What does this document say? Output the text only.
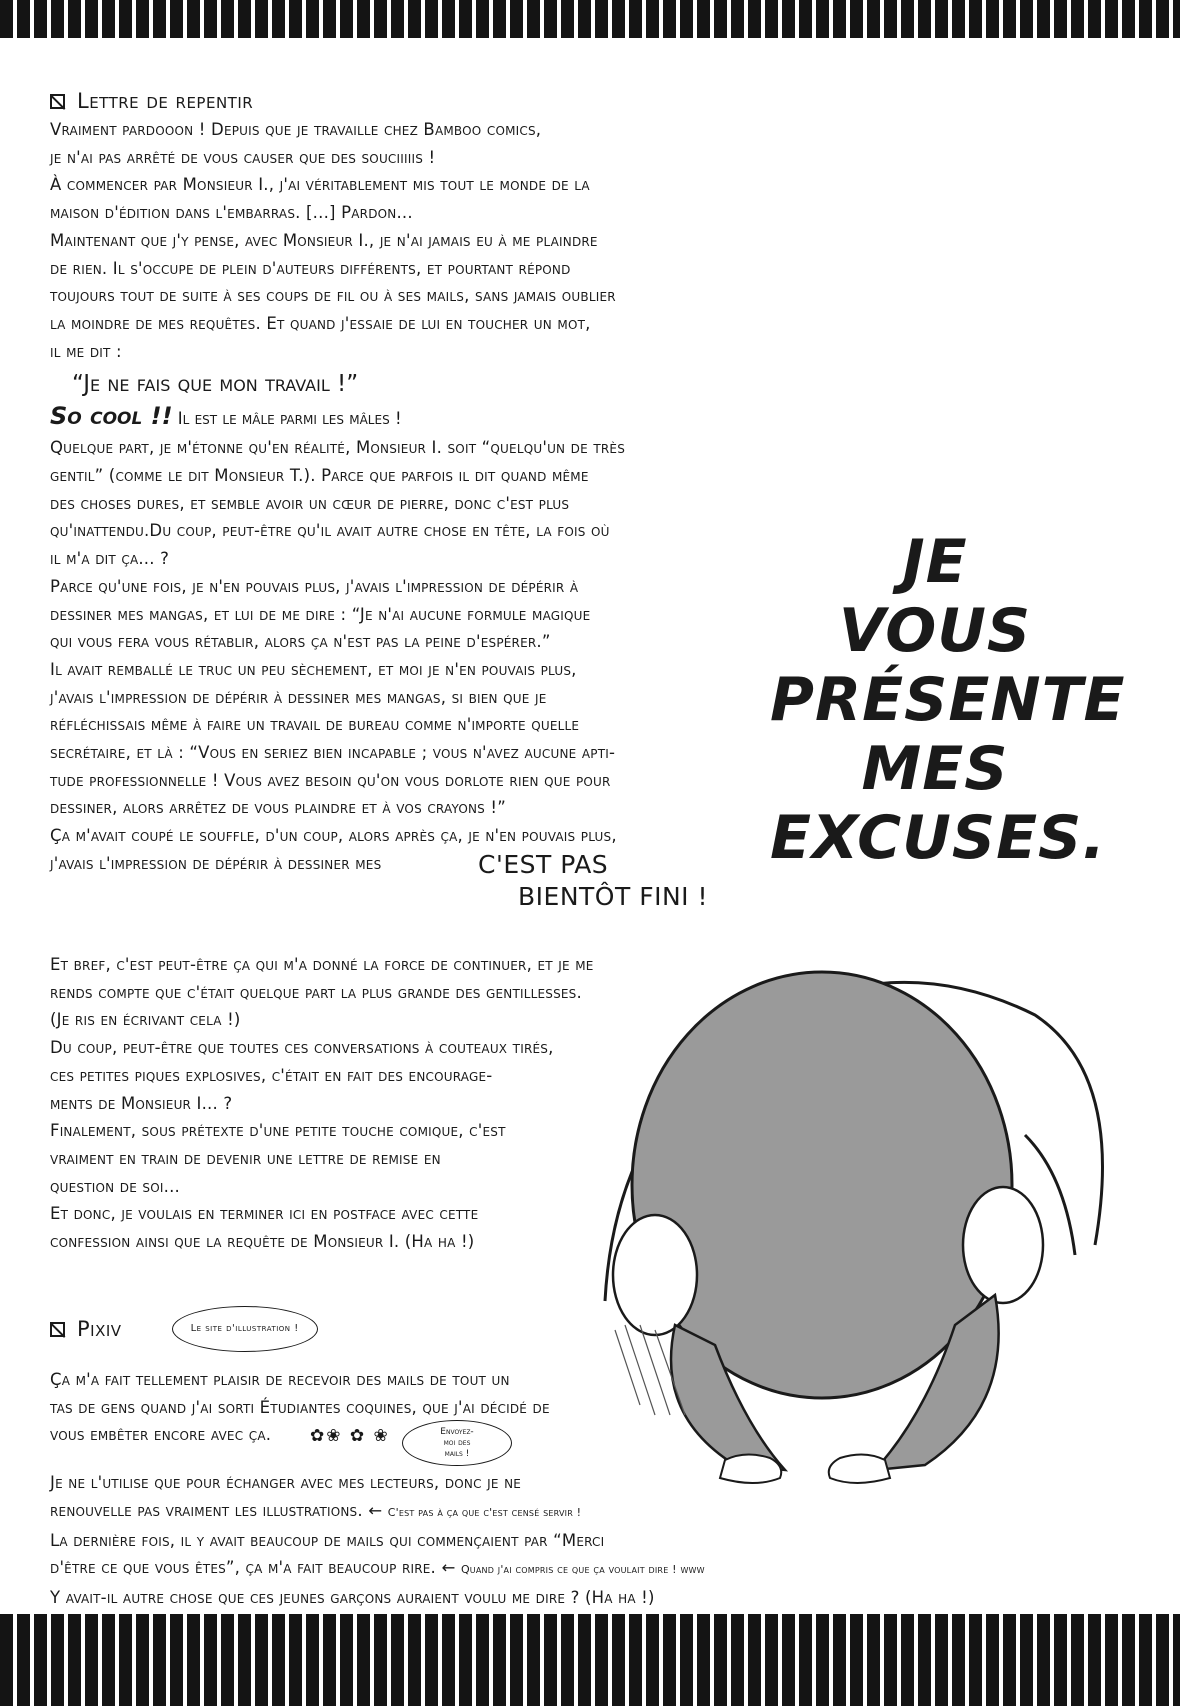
Lettre de repentir
Vraiment pardooon ! Depuis que je travaille chez Bamboo comics,
je n'ai pas arrêté de vous causer que des souciiiiis !
À commencer par Monsieur I., j'ai véritablement mis tout le monde de la
maison d'édition dans l'embarras. [...] Pardon...
Maintenant que j'y pense, avec Monsieur I., je n'ai jamais eu à me plaindre
de rien. Il s'occupe de plein d'auteurs différents, et pourtant répond
toujours tout de suite à ses coups de fil ou à ses mails, sans jamais oublier
la moindre de mes requêtes. Et quand j'essaie de lui en toucher un mot,
il me dit :
“Je ne fais que mon travail !”
So cool !! Il est le mâle parmi les mâles !
Quelque part, je m'étonne qu'en réalité, Monsieur I. soit “quelqu'un de très
gentil” (comme le dit Monsieur T.). Parce que parfois il dit quand même
des choses dures, et semble avoir un cœur de pierre, donc c'est plus
qu'inattendu.Du coup, peut-être qu'il avait autre chose en tête, la fois où
il m'a dit ça... ?
Parce qu'une fois, je n'en pouvais plus, j'avais l'impression de dépérir à
dessiner mes mangas, et lui de me dire : “Je n'ai aucune formule magique
qui vous fera vous rétablir, alors ça n'est pas la peine d'espérer.”
Il avait remballé le truc un peu sèchement, et moi je n'en pouvais plus,
j'avais l'impression de dépérir à dessiner mes mangas, si bien que je
réfléchissais même à faire un travail de bureau comme n'importe quelle
secrétaire, et là : “Vous en seriez bien incapable ; vous n'avez aucune apti-
tude professionnelle ! Vous avez besoin qu'on vous dorlote rien que pour
dessiner, alors arrêtez de vous plaindre et à vos crayons !”
Ça m'avait coupé le souffle, d'un coup, alors après ça, je n'en pouvais plus,
j'avais l'impression de dépérir à dessiner mes	C'EST PAS
BIENTÔT FINI !
JE
VOUS
PRÉSENTE
MES
EXCUSES.
Et bref, c'est peut-être ça qui m'a donné la force de continuer, et je me
rends compte que c'était quelque part la plus grande des gentillesses.
(Je ris en écrivant cela !)
Du coup, peut-être que toutes ces conversations à couteaux tirés,
ces petites piques explosives, c'était en fait des encourage-
ments de Monsieur I... ?
Finalement, sous prétexte d'une petite touche comique, c'est
vraiment en train de devenir une lettre de remise en
question de soi...
Et donc, je voulais en terminer ici en postface avec cette
confession ainsi que la requête de Monsieur I. (Ha ha !)
Pixiv	Le site d'illustration !
Ça m'a fait tellement plaisir de recevoir des mails de tout un
tas de gens quand j'ai sorti Étudiantes coquines, que j'ai décidé de
vous embêter encore avec ça.
Je ne l'utilise que pour échanger avec mes lecteurs, donc je ne
renouvelle pas vraiment les illustrations. ← C'est pas à ça que c'est censé servir !
La dernière fois, il y avait beaucoup de mails qui commençaient par “Merci
d'être ce que vous êtes”, ça m'a fait beaucoup rire. ← Quand j'ai compris ce que ça voulait dire ! www
Y avait-il autre chose que ces jeunes garçons auraient voulu me dire ? (Ha ha !)
✿❀ ✿ ❀	Envoyez-
moi des
mails !
